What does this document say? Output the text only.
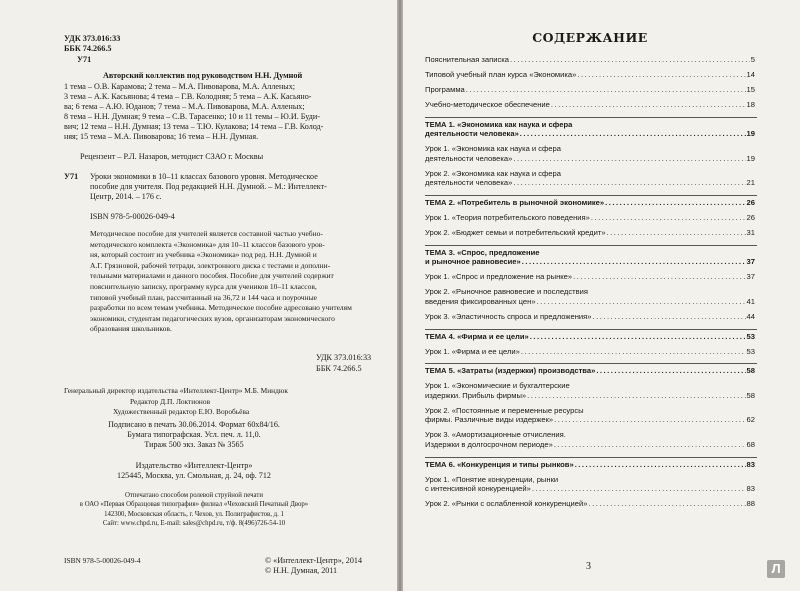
УДК 373.016:33
ББК 74.266.5
У71
Авторский коллектив под руководством Н.Н. Думной
1 тема – О.В. Карамова; 2 тема – М.А. Пивоварова, М.А. Алленых;
3 тема – А.К. Касьянова; 4 тема – Г.В. Колодняя; 5 тема – А.К. Касьяно-
ва; 6 тема – А.Ю. Юданов; 7 тема – М.А. Пивоварова, М.А. Алленых;
8 тема – Н.Н. Думная; 9 тема – С.В. Тарасенко; 10 и 11 темы – Ю.И. Буди-
вич; 12 тема – Н.Н. Думная; 13 тема – Т.Ю. Кулакова; 14 тема – Г.В. Колод-
няя; 15 тема – М.А. Пивоварова; 16 тема – Н.Н. Думная.
Рецензент – Р.Л. Назаров, методист СЗАО г. Москвы
У71 Уроки экономики в 10–11 классах базового уровня. Методическое
пособие для учителя. Под редакцией Н.Н. Думной. – М.: Интеллект-
Центр, 2014. – 176 с.
ISBN 978-5-00026-049-4
Методическое пособие для учителей является составной частью учебно-
методического комплекта «Экономика» для 10–11 классов базового уров-
ня, который состоит из учебника «Экономика» под ред. Н.Н. Думной и
А.Г. Грязновой, рабочей тетради, электронного диска с тестами и дополни-
тельными материалами и данного пособия. Пособие для учителей содержит
пояснительную записку, программу курса для учеников 10–11 классов,
типовой учебный план, рассчитанный на 36,72 и 144 часа и поурочные
разработки по всем темам учебника. Методическое пособие адресовано учителям
экономики, студентам педагогических вузов, организаторам экономического
образования школьников.
УДК 373.016:33
ББК 74.266.5
Генеральный директор издательства «Интеллект-Центр» М.Б. Миндюк
Редактор Д.П. Локтионов
Художественный редактор Е.Ю. Воробьёва
Подписано в печать 30.06.2014. Формат 60х84/16.
Бумага типографская. Усл. печ. л. 11,0.
Тираж 500 экз. Заказ № 3565
Издательство «Интеллект-Центр»
125445, Москва, ул. Смольная, д. 24, оф. 712
Отпечатано способом ролевой струйной печати
в ОАО «Первая Образцовая типография» филиал «Чеховский Печатный Двор»
142300, Московская область, г. Чехов, ул. Полиграфистов, д. 1
Сайт: www.chpd.ru, E-mail: sales@chpd.ru, т/ф. 8(496)726-54-10
ISBN 978-5-00026-049-4	© «Интеллект-Центр», 2014
© Н.Н. Думная, 2011
СОДЕРЖАНИЕ
Пояснительная записка . . .	5
Типовой учебный план курса «Экономика» . . .	14
Программа . . .	15
Учебно-методическое обеспечение . . .	18
ТЕМА 1. «Экономика как наука и сфера
деятельности человека» . . .	19
Урок 1. «Экономика как наука и сфера
деятельности человека» . . .	19
Урок 2. «Экономика как наука и сфера
деятельности человека» . . .	21
ТЕМА 2. «Потребитель в рыночной экономике» . . .	26
Урок 1. «Теория потребительского поведения» . . .	26
Урок 2. «Бюджет семьи и потребительский кредит» . . .	31
ТЕМА 3. «Спрос, предложение
и рыночное равновесие» . . .	37
Урок 1. «Спрос и предложение на рынке» . . .	37
Урок 2. «Рыночное равновесие и последствия
введения фиксированных цен» . . .	41
Урок 3. «Эластичность спроса и предложения» . . .	44
ТЕМА 4. «Фирма и ее цели» . . .	53
Урок 1. «Фирма и ее цели» . . .	53
ТЕМА 5. «Затраты (издержки) производства» . . .	58
Урок 1. «Экономические и бухгалтерские
издержки. Прибыль фирмы» . . .	58
Урок 2. «Постоянные и переменные ресурсы
фирмы. Различные виды издержек» . . .	62
Урок 3. «Амортизационные отчисления.
Издержки в долгосрочном периоде» . . .	68
ТЕМА 6. «Конкуренция и типы рынков» . . .	83
Урок 1. «Понятие конкуренции, рынки
с интенсивной конкуренцией» . . .	83
Урок 2. «Рынки с ослабленной конкуренцией» . . .	88
3	Л
